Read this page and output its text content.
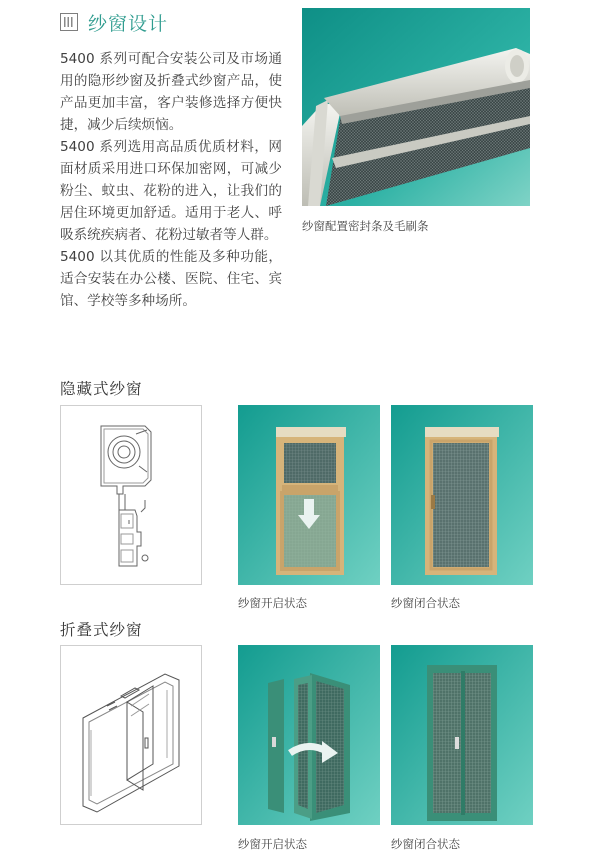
纱窗设计

5400 系列可配合安装公司及市场通用的隐形纱窗及折叠式纱窗产品，使产品更加丰富，客户装修选择方便快捷，减少后续烦恼。

5400 系列选用高品质优质材料，网面材质采用进口环保加密网，可减少粉尘、蚊虫、花粉的进入，让我们的居住环境更加舒适。适用于老人、呼吸系统疾病者、花粉过敏者等人群。

5400 以其优质的性能及多种功能，适合安装在办公楼、医院、住宅、宾馆、学校等多种场所。

纱窗配置密封条及毛刷条
隐藏式纱窗
纱窗开启状态	纱窗闭合状态
折叠式纱窗
纱窗开启状态	纱窗闭合状态
